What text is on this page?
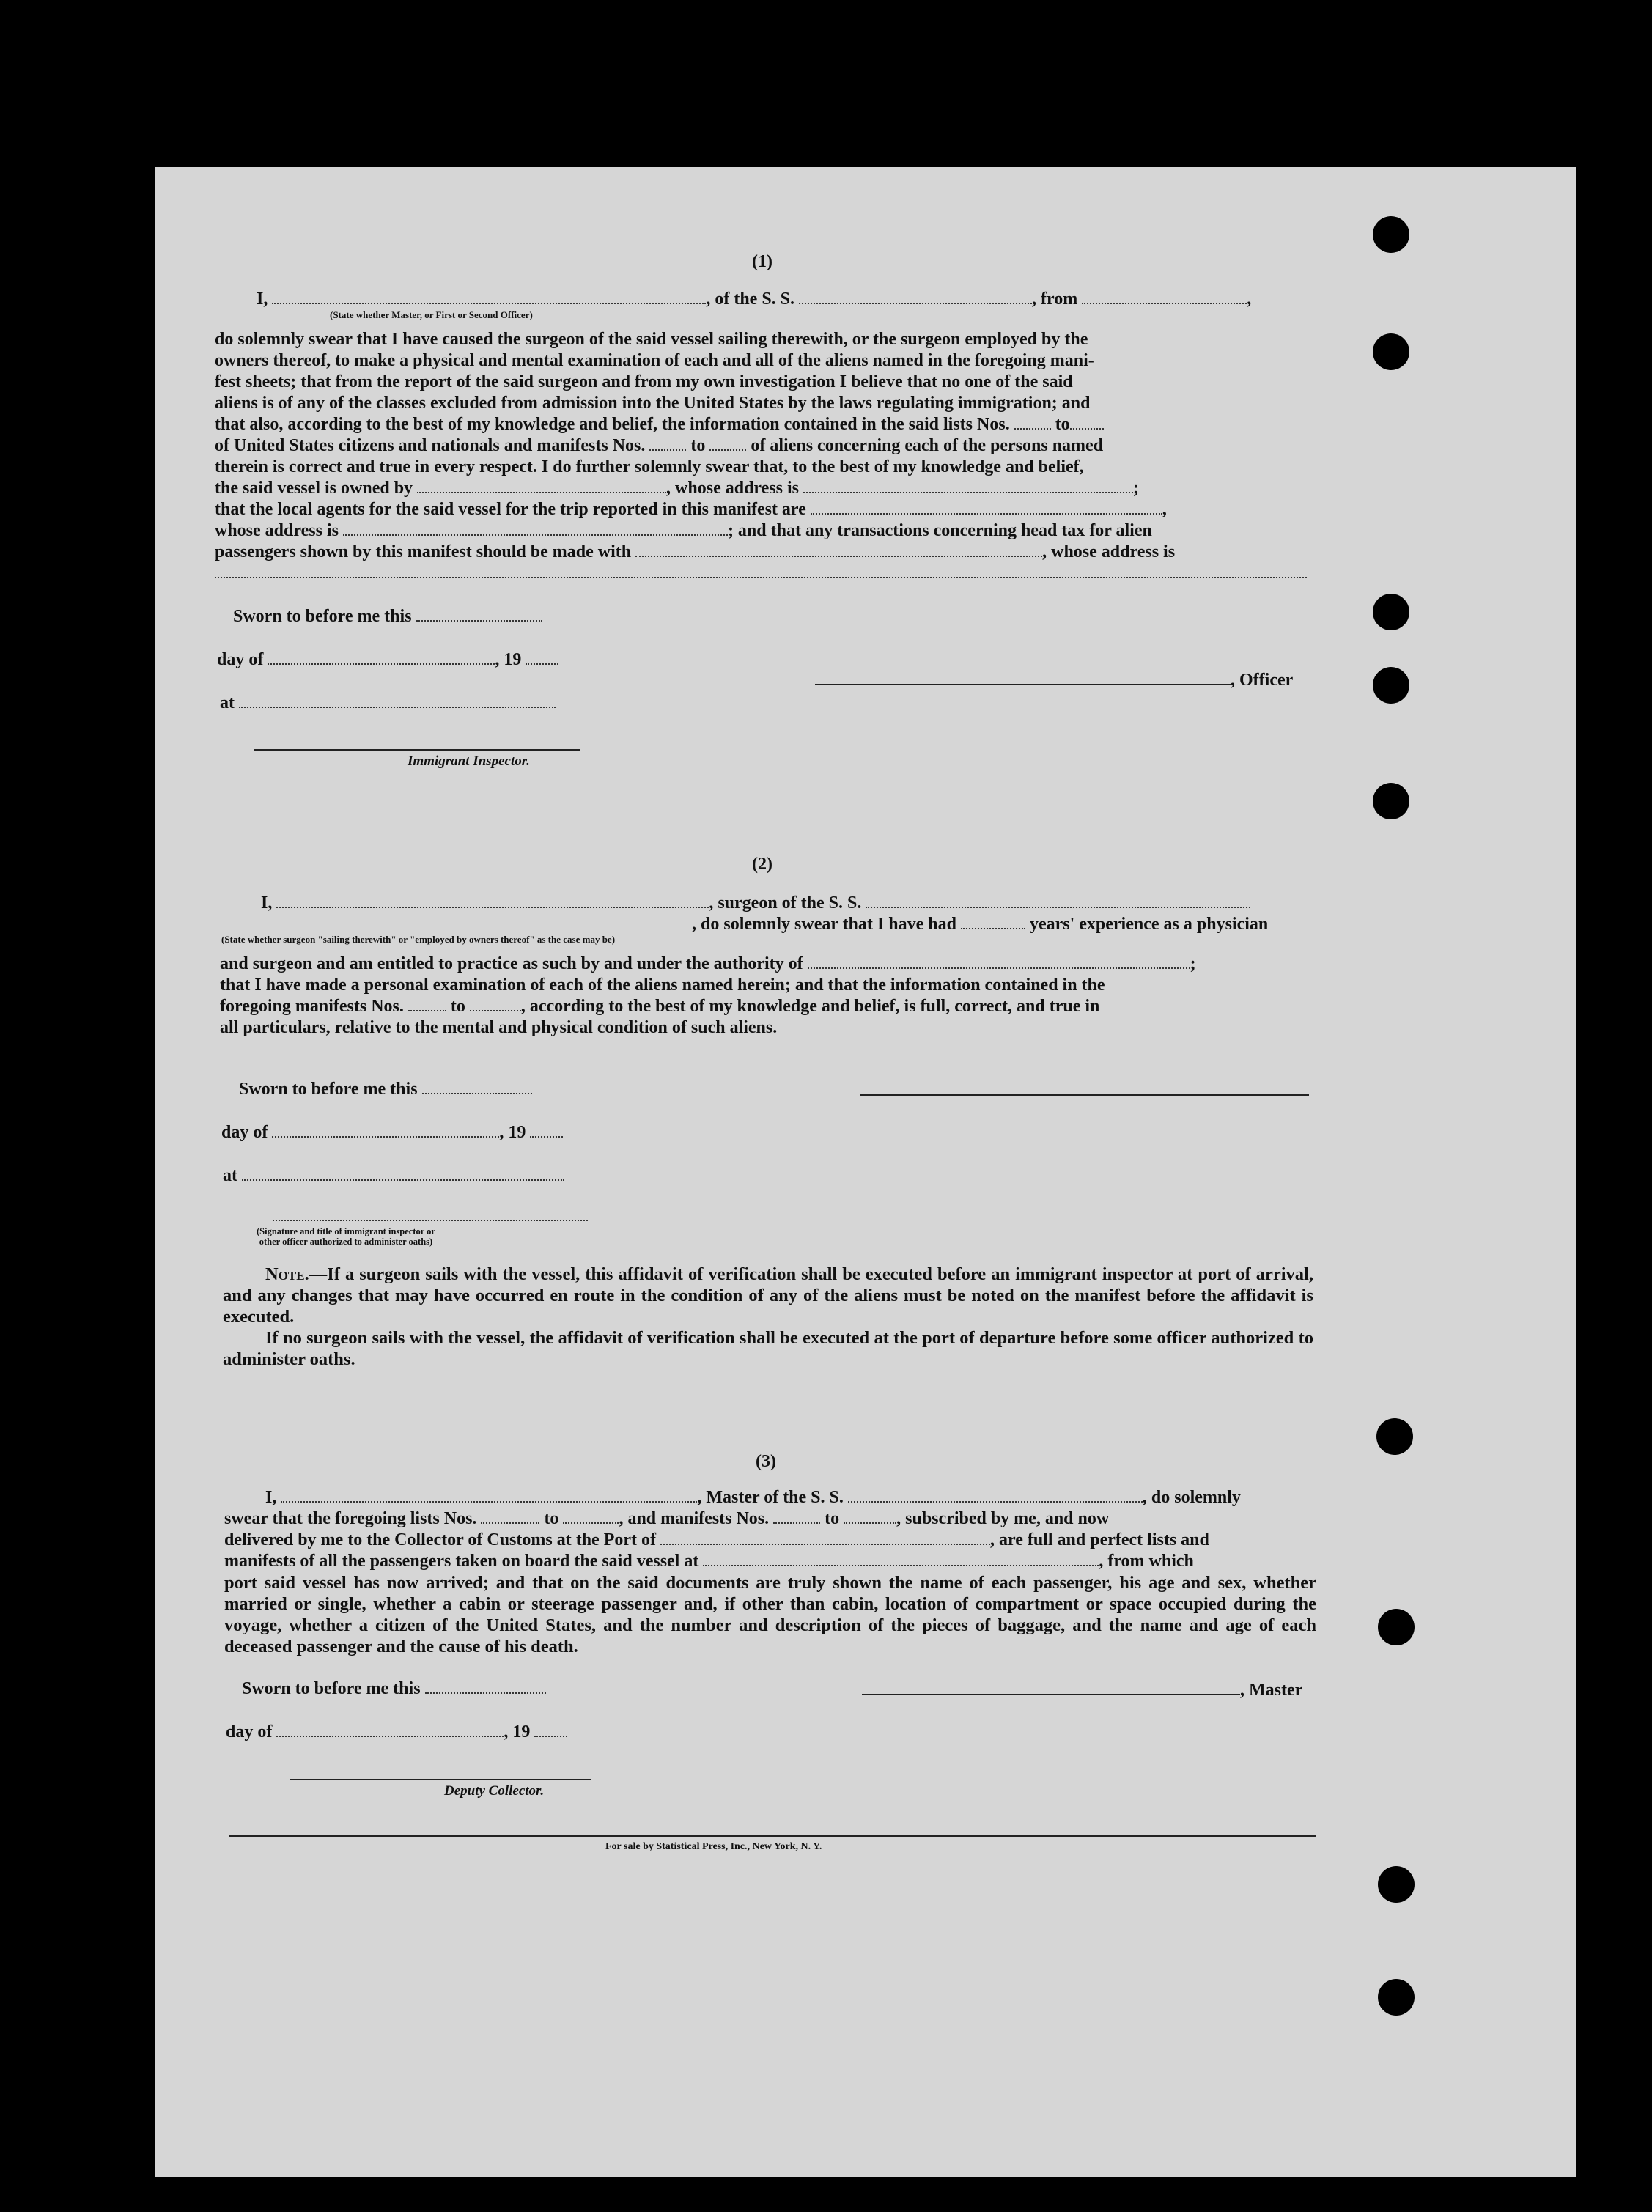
(1)
I,	, of the S. S.	, from	,
(State whether Master, or First or Second Officer)
do solemnly swear that I have caused the surgeon of the said vessel sailing therewith, or the surgeon employed by the
owners thereof, to make a physical and mental examination of each and all of the aliens named in the foregoing mani-
fest sheets; that from the report of the said surgeon and from my own investigation I believe that no one of the said
aliens is of any of the classes excluded from admission into the United States by the laws regulating immigration; and
that also, according to the best of my knowledge and belief, the information contained in the said lists Nos.	to
of United States citizens and nationals and manifests Nos.	to	of aliens concerning each of the persons named
therein is correct and true in every respect. I do further solemnly swear that, to the best of my knowledge and belief,
the said vessel is owned by	, whose address is	;
that the local agents for the said vessel for the trip reported in this manifest are	,
whose address is	; and that any transactions concerning head tax for alien
passengers shown by this manifest should be made with	, whose address is
Sworn to before me this
day of	, 19
at
, Officer
Immigrant Inspector.
(2)
I,	, surgeon of the S. S.
, do solemnly swear that I have had	years' experience as a physician
(State whether surgeon "sailing therewith" or "employed by owners thereof" as the case may be)
and surgeon and am entitled to practice as such by and under the authority of	;
that I have made a personal examination of each of the aliens named herein; and that the information contained in the
foregoing manifests Nos.	to	, according to the best of my knowledge and belief, is full, correct, and true in
all particulars, relative to the mental and physical condition of such aliens.
Sworn to before me this
day of	, 19
at
(Signature and title of immigrant inspector or
other officer authorized to administer oaths)
Note.—If a surgeon sails with the vessel, this affidavit of verification shall be executed before an immigrant inspector at port of arrival, and any changes that may have occurred en route in the condition of any of the aliens must be noted on the manifest before the affidavit is executed.
If no surgeon sails with the vessel, the affidavit of verification shall be executed at the port of departure before some officer authorized to administer oaths.
(3)
I,	, Master of the S. S.	, do solemnly
swear that the foregoing lists Nos.	to	, and manifests Nos.	to	, subscribed by me, and now
delivered by me to the Collector of Customs at the Port of	, are full and perfect lists and
manifests of all the passengers taken on board the said vessel at	, from which
port said vessel has now arrived; and that on the said documents are truly shown the name of each passenger, his age and sex, whether married or single, whether a cabin or steerage passenger and, if other than cabin, location of compartment or space occupied during the voyage, whether a citizen of the United States, and the number and description of the pieces of baggage, and the name and age of each deceased passenger and the cause of his death.
Sworn to before me this	, Master
day of	, 19
Deputy Collector.
For sale by Statistical Press, Inc., New York, N. Y.
